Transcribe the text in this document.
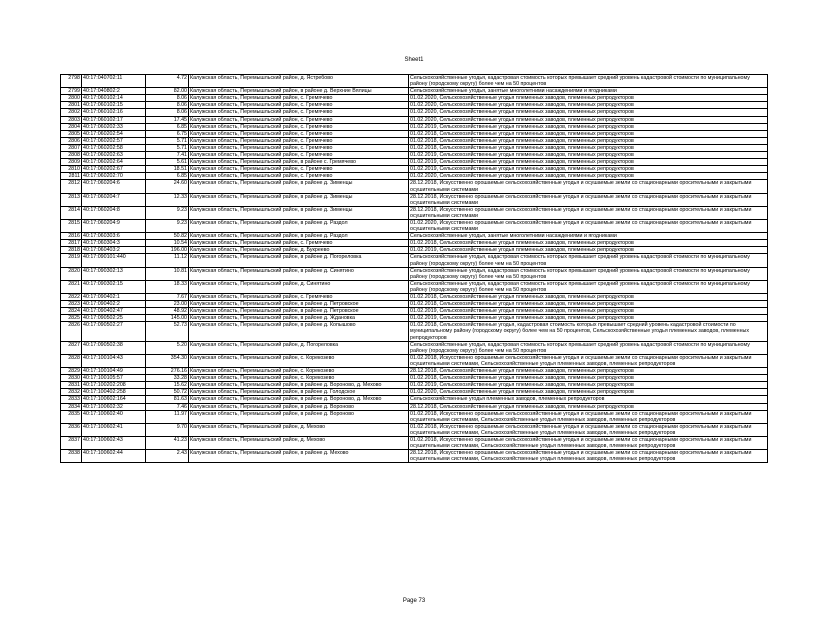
Sheet1
2798	40:17:040702:11	4.72	Калужская область, Перемышльский район, д. Ястребово	Сельскохозяйственные угодья, кадастровая стоимость которых превышает средний уровень кадастровой стоимости по муниципальному району (городскому округу) более чем на 50 процентов
2799	40:17:040802:2	82.00	Калужская область, Перемышльский район, в районе д. Верхние Вялицы	Сельскохозяйственные угодья, занятые многолетними насаждениями и ягодниками
2800	40:17:060102:14	8.06	Калужская область, Перемышльский район, с. Гремячево	01.02.2020, Сельскохозяйственные угодья племенных заводов, племенных репродукторов
2801	40:17:060102:15	8.06	Калужская область, Перемышльский район, с. Гремячево	01.02.2020, Сельскохозяйственные угодья племенных заводов, племенных репродукторов
2802	40:17:060102:16	8.06	Калужская область, Перемышльский район, с. Гремячево	01.02.2020, Сельскохозяйственные угодья племенных заводов, племенных репродукторов
2803	40:17:060102:17	17.45	Калужская область, Перемышльский район, с. Гремячево	01.02.2020, Сельскохозяйственные угодья племенных заводов, племенных репродукторов
2804	40:17:060202:33	6.85	Калужская область, Перемышльский район, с. Гремячево	01.02.2019, Сельскохозяйственные угодья племенных заводов, племенных репродукторов
2805	40:17:060202:54	6.75	Калужская область, Перемышльский район, с. Гремячево	01.02.2018, Сельскохозяйственные угодья племенных заводов, племенных репродукторов
2806	40:17:060202:57	5.71	Калужская область, Перемышльский район, с. Гремячево	01.02.2018, Сельскохозяйственные угодья племенных заводов, племенных репродукторов
2807	40:17:060202:58	5.71	Калужская область, Перемышльский район, с. Гремячево	01.02.2018, Сельскохозяйственные угодья племенных заводов, племенных репродукторов
2808	40:17:060202:63	7.41	Калужская область, Перемышльский район, с. Гремячево	01.02.2019, Сельскохозяйственные угодья племенных заводов, племенных репродукторов
2809	40:17:060202:64	5.61	Калужская область, Перемышльский район, в районе с. Гремячево	01.02.2019, Сельскохозяйственные угодья племенных заводов, племенных репродукторов
2810	40:17:060202:67	18.51	Калужская область, Перемышльский район, с. Гремячево	01.02.2019, Сельскохозяйственные угодья племенных заводов, племенных репродукторов
2811	40:17:060202:70	6.85	Калужская область, Перемышльский район, с. Гремячево	01.02.2020, Сельскохозяйственные угодья племенных заводов, племенных репродукторов
2812	40:17:060204:6	24.60	Калужская область, Перемышльский район, в районе д. Зименцы	28.12.2018, Искусственно орошаемые сельскохозяйственные угодья и осушаемые земли со стационарными оросительными и закрытыми осушительными системами
2813	40:17:060204:7	12.33	Калужская область, Перемышльский район, в районе д. Зименцы	28.12.2018, Искусственно орошаемые сельскохозяйственные угодья и осушаемые земли со стационарными оросительными и закрытыми осушительными системами
2814	40:17:060204:8	9.23	Калужская область, Перемышльский район, в районе д. Зименцы	28.12.2018, Искусственно орошаемые сельскохозяйственные угодья и осушаемые земли со стационарными оросительными и закрытыми осушительными системами
2815	40:17:060204:9	9.23	Калужская область, Перемышльский район, в районе д. Раздол	01.02.2020, Искусственно орошаемые сельскохозяйственные угодья и осушаемые земли со стационарными оросительными и закрытыми осушительными системами
2816	40:17:060303:6	50.82	Калужская область, Перемышльский район, в районе д. Раздол	Сельскохозяйственные угодья, занятые многолетними насаждениями и ягодниками
2817	40:17:060304:3	10.54	Калужская область, Перемышльский район, с. Гремячево	01.02.2018, Сельскохозяйственные угодья племенных заводов, племенных репродукторов
2818	40:17:060403:2	196.00	Калужская область, Перемышльский район, д. Букреево	01.02.2019, Сельскохозяйственные угодья племенных заводов, племенных репродукторов
2819	40:17:090101:440	11.12	Калужская область, Перемышльский район, в районе д. Погореловка	Сельскохозяйственные угодья, кадастровая стоимость которых превышает средний уровень кадастровой стоимости по муниципальному району (городскому округу) более чем на 50 процентов
2820	40:17:090302:13	10.81	Калужская область, Перемышльский район, в районе д. Синятино	Сельскохозяйственные угодья, кадастровая стоимость которых превышает средний уровень кадастровой стоимости по муниципальному району (городскому округу) более чем на 50 процентов
2821	40:17:090302:15	18.33	Калужская область, Перемышльский район, д. Синятино	Сельскохозяйственные угодья, кадастровая стоимость которых превышает средний уровень кадастровой стоимости по муниципальному району (городскому округу) более чем на 50 процентов
2822	40:17:090402:1	7.67	Калужская область, Перемышльский район, с. Гремячево	01.02.2018, Сельскохозяйственные угодья племенных заводов, племенных репродукторов
2823	40:17:090402:2	23.00	Калужская область, Перемышльский район, в районе д. Петровское	01.02.2018, Сельскохозяйственные угодья племенных заводов, племенных репродукторов
2824	40:17:090402:47	48.92	Калужская область, Перемышльский район, в районе д. Петровское	01.02.2019, Сельскохозяйственные угодья племенных заводов, племенных репродукторов
2825	40:17:090502:25	145.00	Калужская область, Перемышльский район, в районе д. Ждановка	01.02.2019, Сельскохозяйственные угодья племенных заводов, племенных репродукторов
2826	40:17:090502:27	52.73	Калужская область, Перемышльский район, в районе д. Копышово	01.02.2018, Сельскохозяйственные угодья, кадастровая стоимость которых превышает средний уровень кадастровой стоимости по муниципальному району (городскому округу) более чем на 50 процентов, Сельскохозяйственные угодья племенных заводов, племенных репродукторов
2827	40:17:090502:38	5.20	Калужская область, Перемышльский район, д. Погореловка	Сельскохозяйственные угодья, кадастровая стоимость которых превышает средний уровень кадастровой стоимости по муниципальному району (городскому округу) более чем на 50 процентов
2828	40:17:100104:43	354.30	Калужская область, Перемышльский район, с. Корекозево	01.02.2018, Искусственно орошаемые сельскохозяйственные угодья и осушаемые земли со стационарными оросительными и закрытыми осушительными системами, Сельскохозяйственные угодья племенных заводов, племенных репродукторов
2829	40:17:100104:49	276.16	Калужская область, Перемышльский район, с. Корекозево	28.12.2018, Сельскохозяйственные угодья племенных заводов, племенных репродукторов
2830	40:17:100105:57	33.28	Калужская область, Перемышльский район, с. Корекозево	01.02.2018, Сельскохозяйственные угодья племенных заводов, племенных репродукторов
2831	40:17:100202:208	15.62	Калужская область, Перемышльский район, в районе д. Вороново, д. Мехово	01.02.2019, Сельскохозяйственные угодья племенных заводов, племенных репродукторов
2832	40:17:100402:258	50.72	Калужская область, Перемышльский район, в районе д. Голодское	01.02.2020, Сельскохозяйственные угодья племенных заводов, племенных репродукторов
2833	40:17:100602:164	81.63	Калужская область, Перемышльский район, в районе д. Вороново, д. Мехово	Сельскохозяйственные угодья племенных заводов, племенных репродукторов
2834	40:17:100602:32	7.46	Калужская область, Перемышльский район, в районе д. Вороново	28.12.2018, Сельскохозяйственные угодья племенных заводов, племенных репродукторов
2835	40:17:100602:40	11.97	Калужская область, Перемышльский район, в районе д. Вороново	01.02.2018, Искусственно орошаемые сельскохозяйственные угодья и осушаемые земли со стационарными оросительными и закрытыми осушительными системами, Сельскохозяйственные угодья племенных заводов, племенных репродукторов
2836	40:17:100602:41	9.70	Калужская область, Перемышльский район, д. Мехово	01.02.2018, Искусственно орошаемые сельскохозяйственные угодья и осушаемые земли со стационарными оросительными и закрытыми осушительными системами, Сельскохозяйственные угодья племенных заводов, племенных репродукторов
2837	40:17:100602:43	41.23	Калужская область, Перемышльский район, д. Мехово	01.02.2018, Искусственно орошаемые сельскохозяйственные угодья и осушаемые земли со стационарными оросительными и закрытыми осушительными системами, Сельскохозяйственные угодья племенных заводов, племенных репродукторов
2838	40:17:100602:44	2.43	Калужская область, Перемышльский район, в районе д. Мехово	28.12.2018, Искусственно орошаемые сельскохозяйственные угодья и осушаемые земли со стационарными оросительными и закрытыми осушительными системами, Сельскохозяйственные угодья племенных заводов, племенных репродукторов
Page 73
